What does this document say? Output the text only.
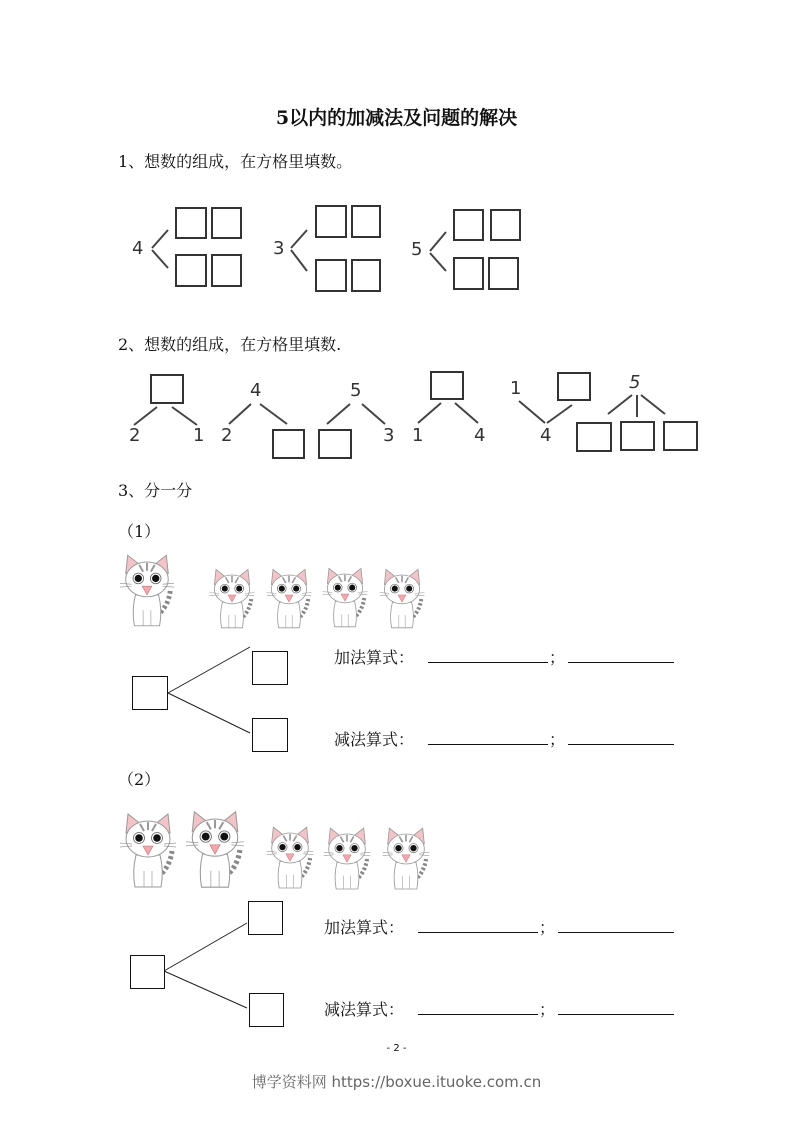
5以内的加减法及问题的解决
1、想数的组成，在方格里填数。
4	3	5
2、想数的组成，在方格里填数.
2	1
4
2
5
3 1	4
1
4
5
3、分一分
（1）
加法算式：	；
减法算式：	；
（2）
加法算式：	；
减法算式：	；
- 2 -
博学资料网 https://boxue.ituoke.com.cn
